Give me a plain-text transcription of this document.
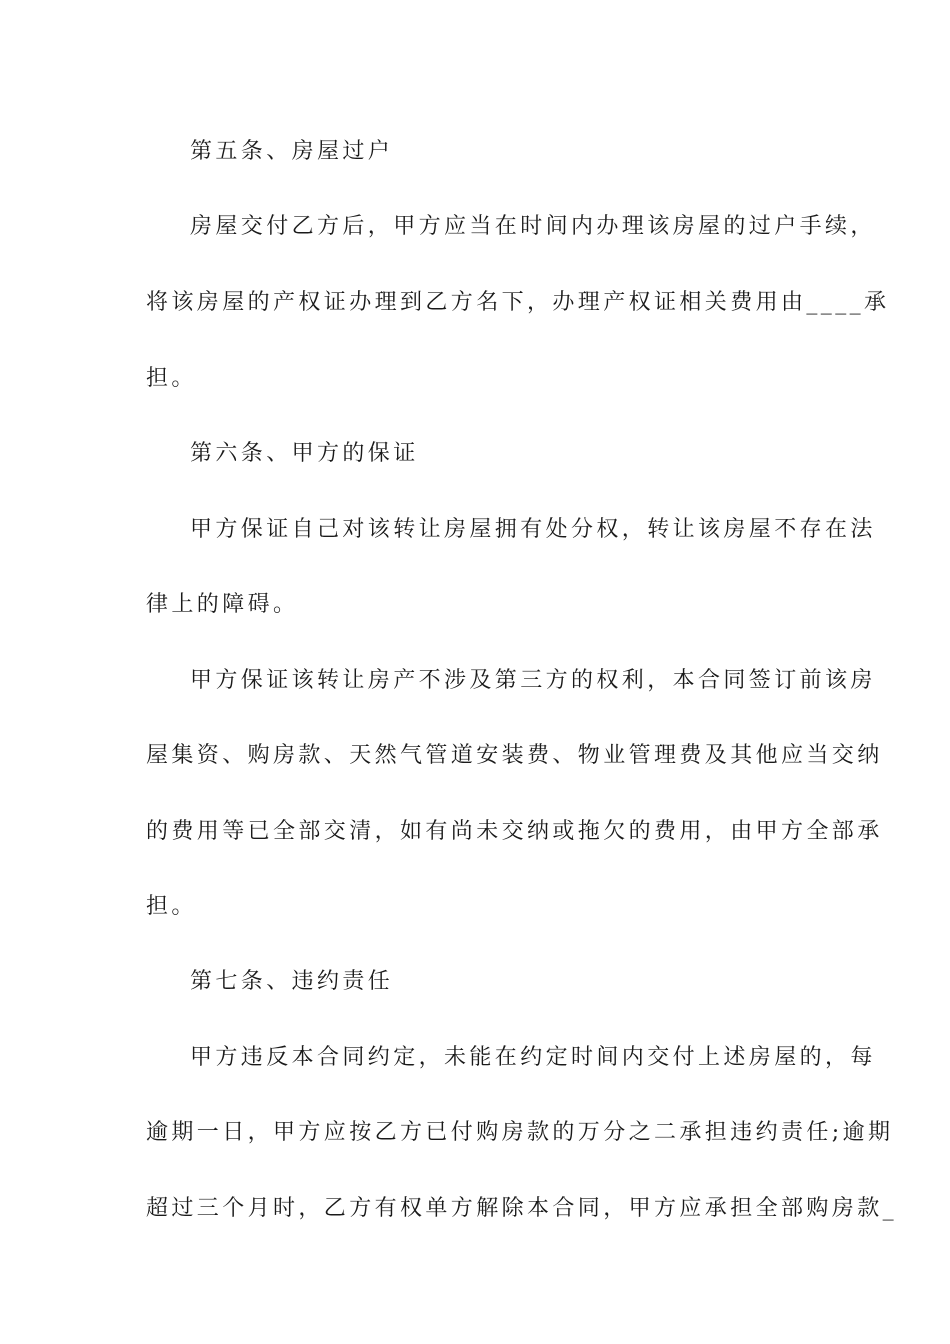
第五条、房屋过户
房屋交付乙方后，甲方应当在时间内办理该房屋的过户手续，
将该房屋的产权证办理到乙方名下，办理产权证相关费用由____承
担。
第六条、甲方的保证
甲方保证自己对该转让房屋拥有处分权，转让该房屋不存在法
律上的障碍。
甲方保证该转让房产不涉及第三方的权利，本合同签订前该房
屋集资、购房款、天然气管道安装费、物业管理费及其他应当交纳
的费用等已全部交清，如有尚未交纳或拖欠的费用，由甲方全部承
担。
第七条、违约责任
甲方违反本合同约定，未能在约定时间内交付上述房屋的，每
逾期一日，甲方应按乙方已付购房款的万分之二承担违约责任;逾期
超过三个月时，乙方有权单方解除本合同，甲方应承担全部购房款_
